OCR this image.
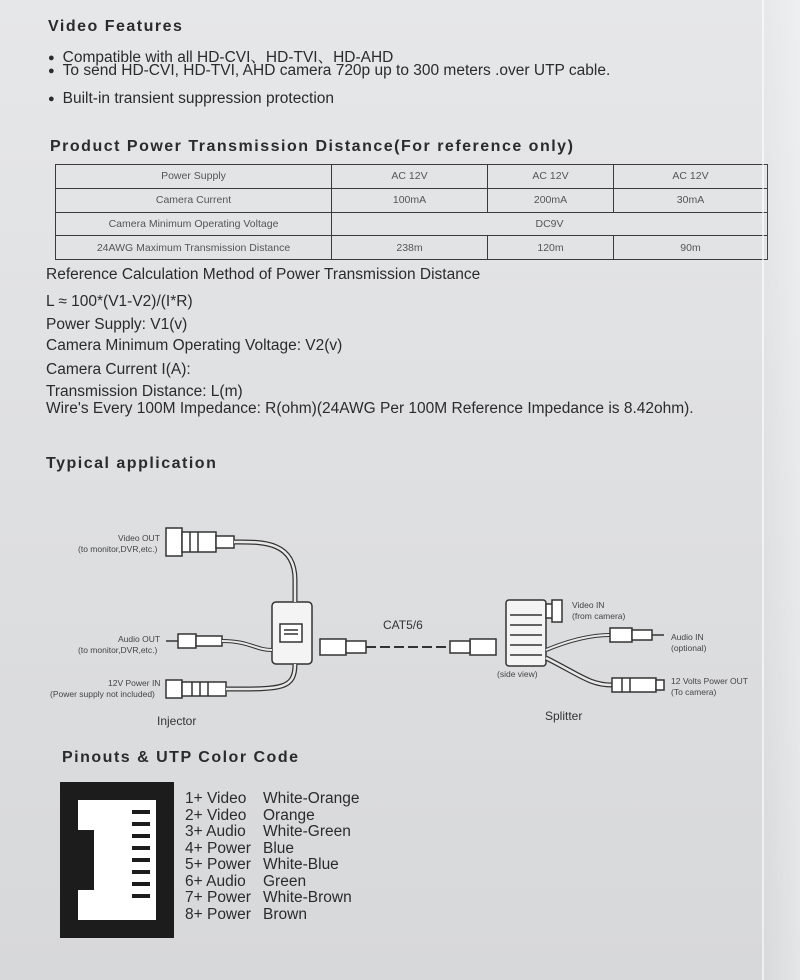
Video Features
● Compatible with all HD-CVI、HD-TVI、HD-AHD
● To send HD-CVI, HD-TVI, AHD camera 720p up to 300 meters .over UTP cable.
● Built-in transient suppression protection
Product Power Transmission Distance(For reference only)
Power Supply	AC 12V	AC 12V	AC 12V
Camera Current	100mA	200mA	30mA
Camera Minimum Operating Voltage	DC9V		
24AWG Maximum Transmission Distance	238m	120m	90m
Reference Calculation Method of Power Transmission Distance
L ≈ 100*(V1-V2)/(I*R)
Power Supply: V1(v)
Camera Minimum Operating Voltage: V2(v)
Camera Current I(A):
Transmission Distance: L(m)
Wire's Every 100M Impedance: R(ohm)(24AWG Per 100M Reference Impedance is 8.42ohm).
Typical application
Video OUT
(to monitor,DVR,etc.)
Audio OUT
(to monitor,DVR,etc.)
12V Power IN
(Power supply not included)
Injector
CAT5/6
Video IN
(from camera)
Audio IN
(optional)
12 Volts Power OUT
(To camera)
(side view)
Splitter
Pinouts & UTP Color Code
1+ Video White-Orange
2+ Video Orange
3+ Audio White-Green
4+ Power Blue
5+ Power White-Blue
6+ Audio Green
7+ Power White-Brown
8+ Power Brown
